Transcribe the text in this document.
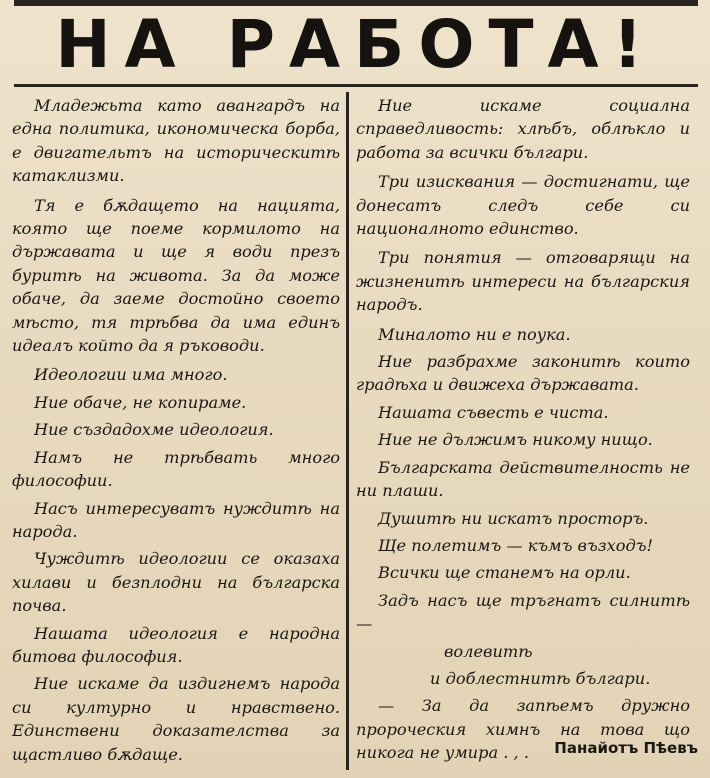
НА РАБОТА!

Младежьта като авангардъ на една политика, икономическа борба, е двигательтъ на историческитѣ катаклизми.

Тя е бѫдащето на нацията, която ще поеме кормилото на държавата и ще я води презъ буритѣ на живота. За да може обаче, да заеме достойно своето мѣсто, тя трѣбва да има единъ идеалъ който да я ръководи.

Идеологии има много.

Ние обаче, не копираме.

Ние създадохме идеология.

Намъ не трѣбвать много философии.

Насъ интересуватъ нуждитѣ на народа.

Чуждитѣ идеологии се оказаха хилави и безплодни на българска почва.

Нашата идеология е народна битова философия.

Ние искаме да издигнемъ народа си културно и нравствено. Единствени доказателства за щастливо бѫдаще.

Ние искаме социална справедливость: хлѣбъ, облѣкло и работа за всички българи.

Три изисквания — достигнати, ще донесатъ следъ себе си националното единство.

Три понятия — отговарящи на жизненитѣ интереси на българския народъ.

Миналото ни е поука.

Ние разбрахме законитѣ които градѣха и движеха държавата.

Нашата съвесть е чиста.

Ние не дължимъ никому нищо.

Българската действителность не ни плаши.

Душитѣ ни искатъ просторъ.

Ще полетимъ — къмъ възходъ!

Всички ще станемъ на орли.

Задъ насъ ще тръгнатъ силнитѣ —

волевитѣ

и доблестнитѣ българи.

— За да запѣемъ дружно пророческия химнъ на това що никога не умира . , .	Панайотъ Пѣевъ
